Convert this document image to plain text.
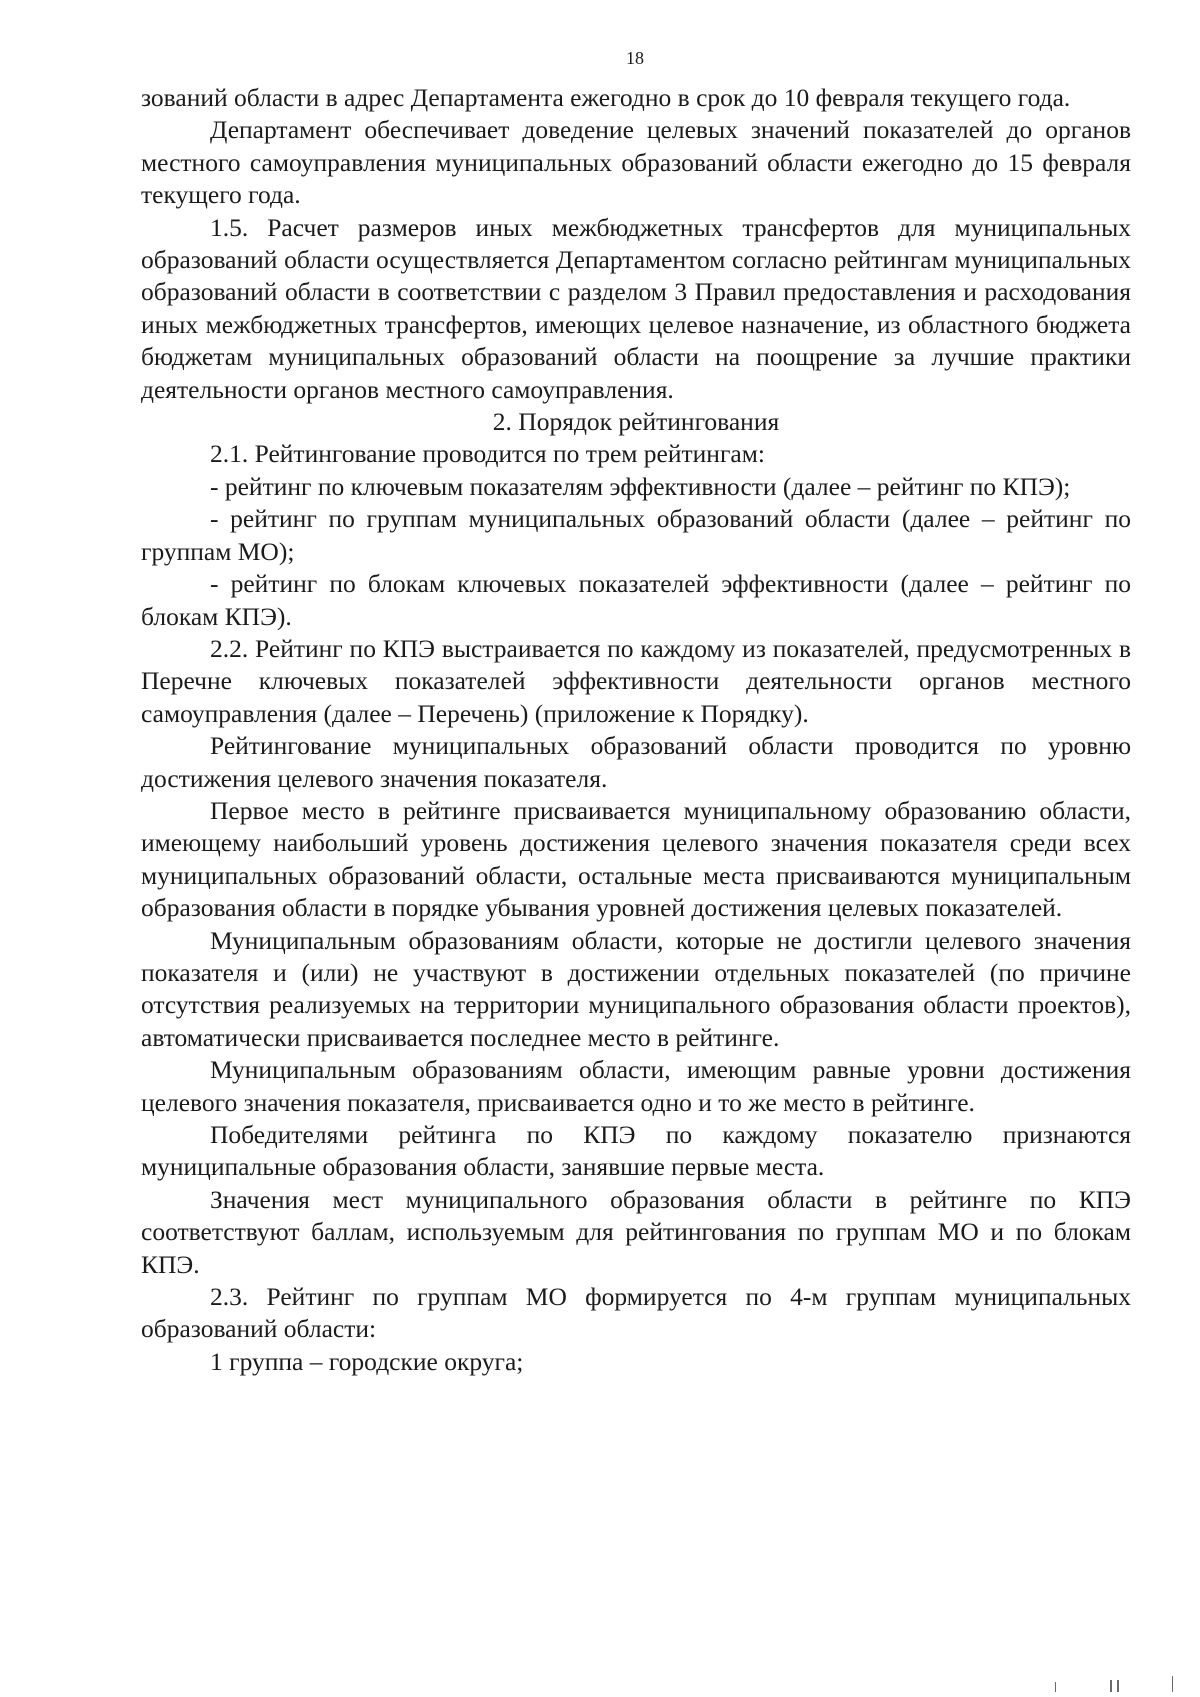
18

зований области в адрес Департамента ежегодно в срок до 10 февраля текущего года.

Департамент обеспечивает доведение целевых значений показателей до органов местного самоуправления муниципальных образований области ежегодно до 15 февраля текущего года.

1.5. Расчет размеров иных межбюджетных трансфертов для муниципальных образований области осуществляется Департаментом согласно рейтингам муниципальных образований области в соответствии с разделом 3 Правил предоставления и расходования иных межбюджетных трансфертов, имеющих целевое назначение, из областного бюджета бюджетам муниципальных образований области на поощрение за лучшие практики деятельности органов местного самоуправления.

2. Порядок рейтингования

2.1. Рейтингование проводится по трем рейтингам:

- рейтинг по ключевым показателям эффективности (далее – рейтинг по КПЭ);

- рейтинг по группам муниципальных образований области (далее – рейтинг по группам МО);

- рейтинг по блокам ключевых показателей эффективности (далее – рейтинг по блокам КПЭ).

2.2. Рейтинг по КПЭ выстраивается по каждому из показателей, предусмотренных в Перечне ключевых показателей эффективности деятельности органов местного самоуправления (далее – Перечень) (приложение к Порядку).

Рейтингование муниципальных образований области проводится по уровню достижения целевого значения показателя.

Первое место в рейтинге присваивается муниципальному образованию области, имеющему наибольший уровень достижения целевого значения показателя среди всех муниципальных образований области, остальные места присваиваются муниципальным образования области в порядке убывания уровней достижения целевых показателей.

Муниципальным образованиям области, которые не достигли целевого значения показателя и (или) не участвуют в достижении отдельных показателей (по причине отсутствия реализуемых на территории муниципального образования области проектов), автоматически присваивается последнее место в рейтинге.

Муниципальным образованиям области, имеющим равные уровни достижения целевого значения показателя, присваивается одно и то же место в рейтинге.

Победителями рейтинга по КПЭ по каждому показателю признаются муниципальные образования области, занявшие первые места.

Значения мест муниципального образования области в рейтинге по КПЭ соответствуют баллам, используемым для рейтингования по группам МО и по блокам КПЭ.

2.3. Рейтинг по группам МО формируется по 4-м группам муниципальных образований области:

1 группа – городские округа;
